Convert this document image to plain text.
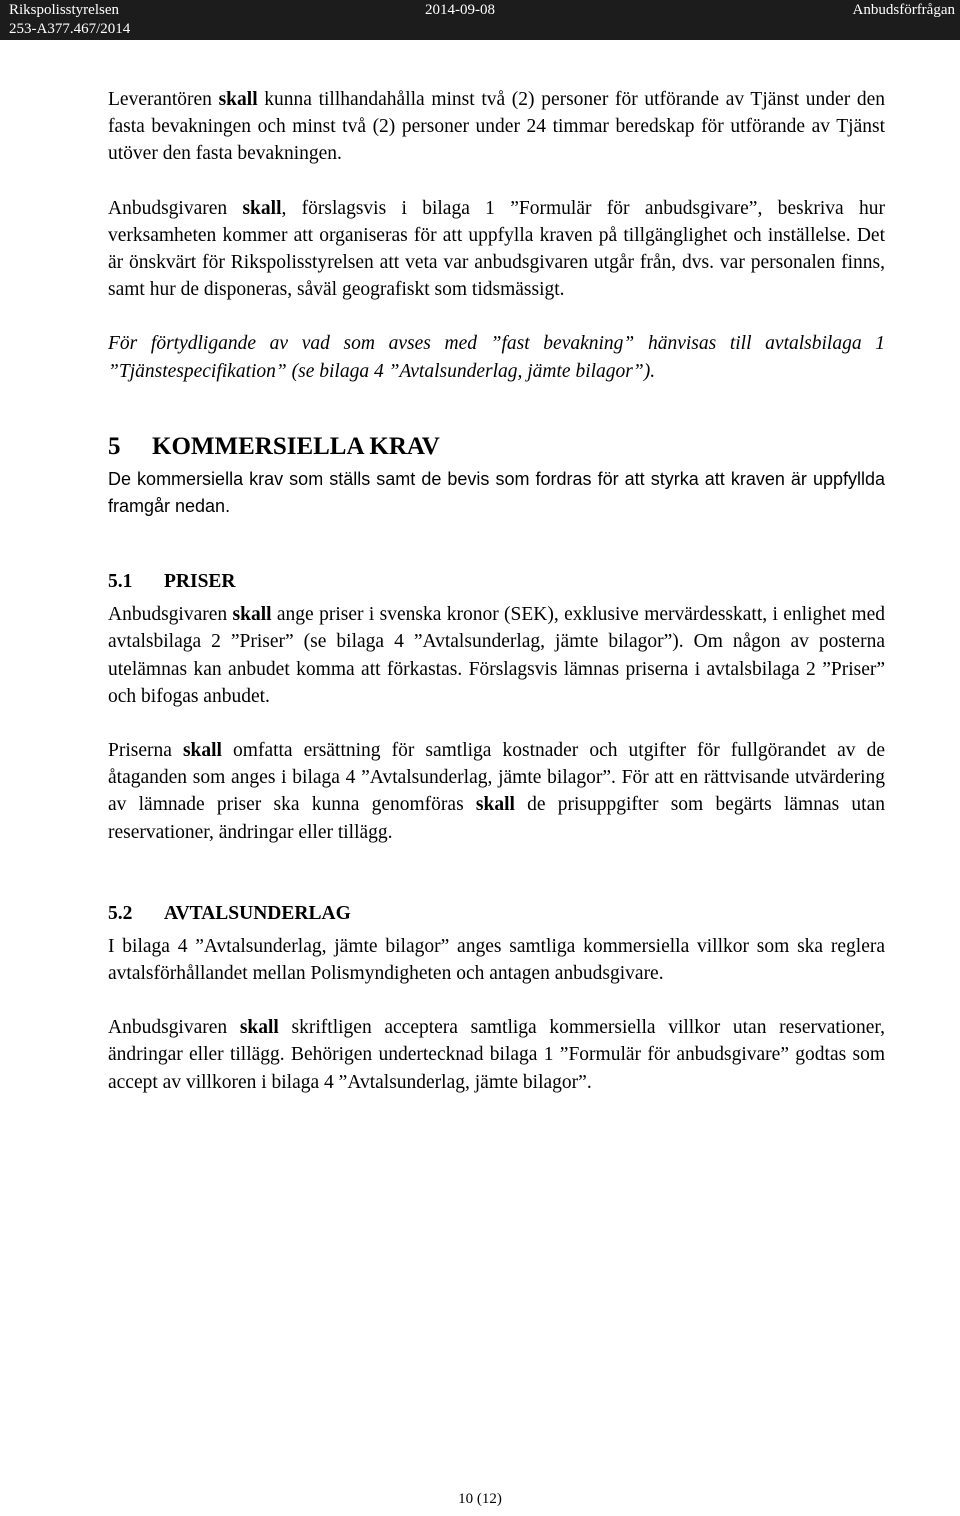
Rikspolisstyrelsen
253-A377.467/2014
2014-09-08	Anbudsförfrågan

Leverantören skall kunna tillhandahålla minst två (2) personer för utförande av Tjänst under den fasta bevakningen och minst två (2) personer under 24 timmar beredskap för utförande av Tjänst utöver den fasta bevakningen.

Anbudsgivaren skall, förslagsvis i bilaga 1 ”Formulär för anbudsgivare”, beskriva hur verksamheten kommer att organiseras för att uppfylla kraven på tillgänglighet och inställelse. Det är önskvärt för Rikspolisstyrelsen att veta var anbudsgivaren utgår från, dvs. var personalen finns, samt hur de disponeras, såväl geografiskt som tidsmässigt.

För förtydligande av vad som avses med ”fast bevakning” hänvisas till avtalsbilaga 1 ”Tjänstespecifikation” (se bilaga 4 ”Avtalsunderlag, jämte bilagor”).

5 KOMMERSIELLA KRAV

De kommersiella krav som ställs samt de bevis som fordras för att styrka att kraven är uppfyllda framgår nedan.

5.1 PRISER

Anbudsgivaren skall ange priser i svenska kronor (SEK), exklusive mervärdesskatt, i enlighet med avtalsbilaga 2 ”Priser” (se bilaga 4 ”Avtalsunderlag, jämte bilagor”). Om någon av posterna utelämnas kan anbudet komma att förkastas. Förslagsvis lämnas priserna i avtalsbilaga 2 ”Priser” och bifogas anbudet.

Priserna skall omfatta ersättning för samtliga kostnader och utgifter för fullgörandet av de åtaganden som anges i bilaga 4 ”Avtalsunderlag, jämte bilagor”. För att en rättvisande utvärdering av lämnade priser ska kunna genomföras skall de prisuppgifter som begärts lämnas utan reservationer, ändringar eller tillägg.

5.2 AVTALSUNDERLAG

I bilaga 4 ”Avtalsunderlag, jämte bilagor” anges samtliga kommersiella villkor som ska reglera avtalsförhållandet mellan Polismyndigheten och antagen anbudsgivare.

Anbudsgivaren skall skriftligen acceptera samtliga kommersiella villkor utan reservationer, ändringar eller tillägg. Behörigen undertecknad bilaga 1 ”Formulär för anbudsgivare” godtas som accept av villkoren i bilaga 4 ”Avtalsunderlag, jämte bilagor”.

10 (12)
